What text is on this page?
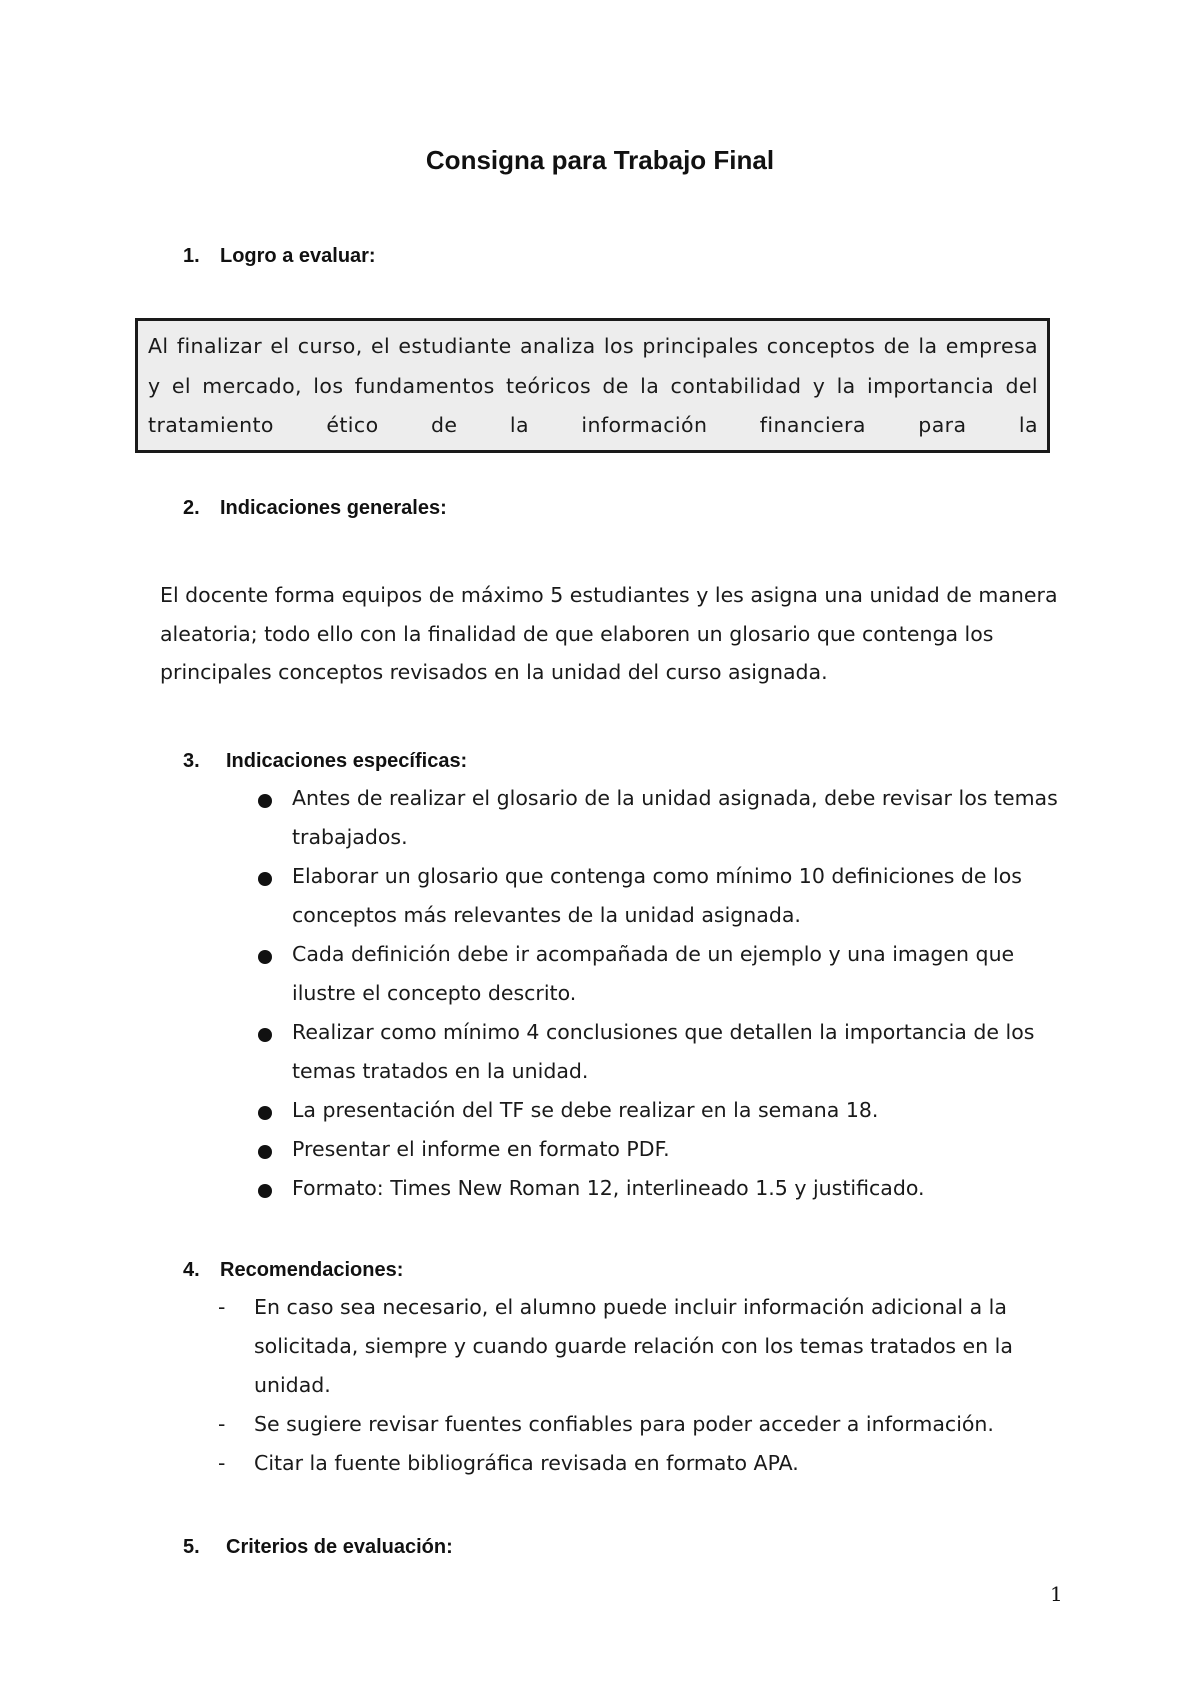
Consigna para Trabajo Final
1. Logro a evaluar:
Al finalizar el curso, el estudiante analiza los principales conceptos de la empresa y el mercado, los fundamentos teóricos de la contabilidad y la importancia del tratamiento ético de la información financiera para la
2. Indicaciones generales:
El docente forma equipos de máximo 5 estudiantes y les asigna una unidad de manera aleatoria; todo ello con la finalidad de que elaboren un glosario que contenga los principales conceptos revisados en la unidad del curso asignada.
3. Indicaciones específicas:
Antes de realizar el glosario de la unidad asignada, debe revisar los temas trabajados.
Elaborar un glosario que contenga como mínimo 10 definiciones de los conceptos más relevantes de la unidad asignada.
Cada definición debe ir acompañada de un ejemplo y una imagen que ilustre el concepto descrito.
Realizar como mínimo 4 conclusiones que detallen la importancia de los temas tratados en la unidad.
La presentación del TF se debe realizar en la semana 18.
Presentar el informe en formato PDF.
Formato: Times New Roman 12, interlineado 1.5 y justificado.
4. Recomendaciones:
- En caso sea necesario, el alumno puede incluir información adicional a la solicitada, siempre y cuando guarde relación con los temas tratados en la unidad.
- Se sugiere revisar fuentes confiables para poder acceder a información.
- Citar la fuente bibliográfica revisada en formato APA.
5. Criterios de evaluación:
1
